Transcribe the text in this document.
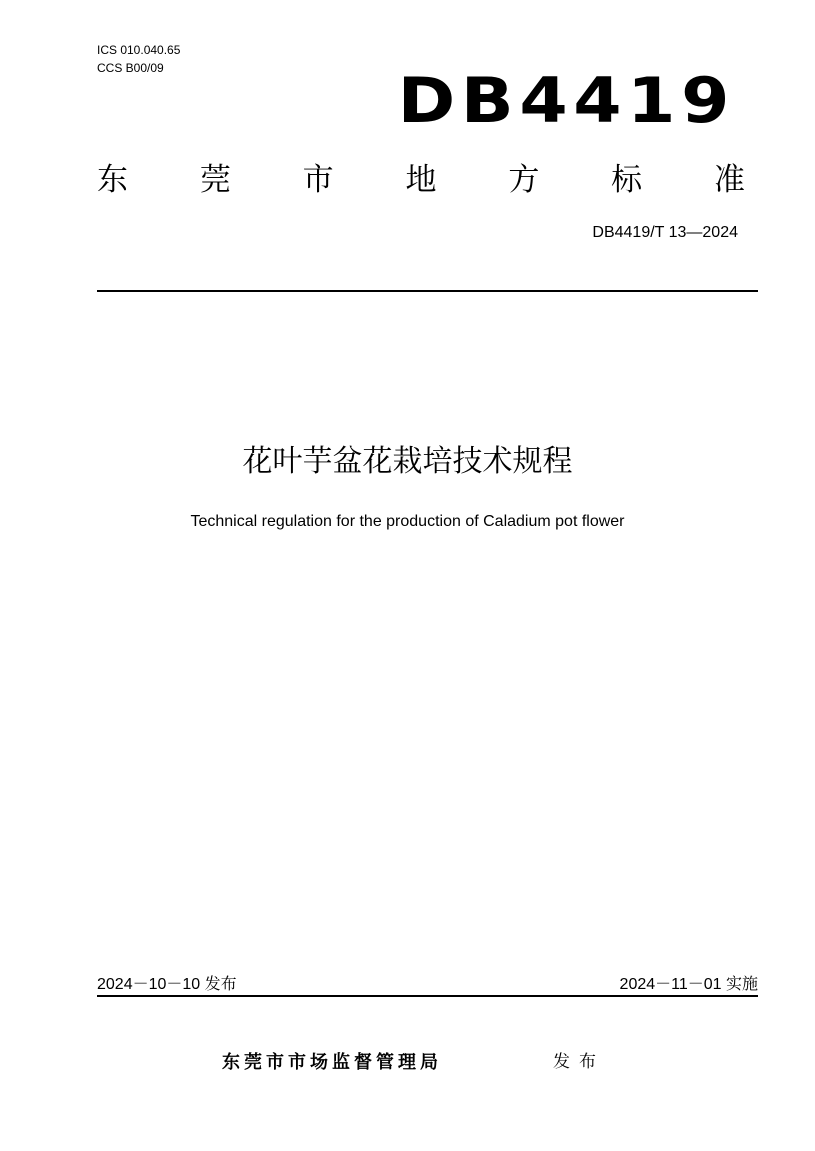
ICS 010.040.65
CCS B00/09	DB4419
东 莞 市 地 方 标 准
DB4419/T 13—2024
花叶芋盆花栽培技术规程
Technical regulation for the production of Caladium pot flower
2024－10－10 发布	2024－11－01 实施
东莞市市场监督管理局	发布
